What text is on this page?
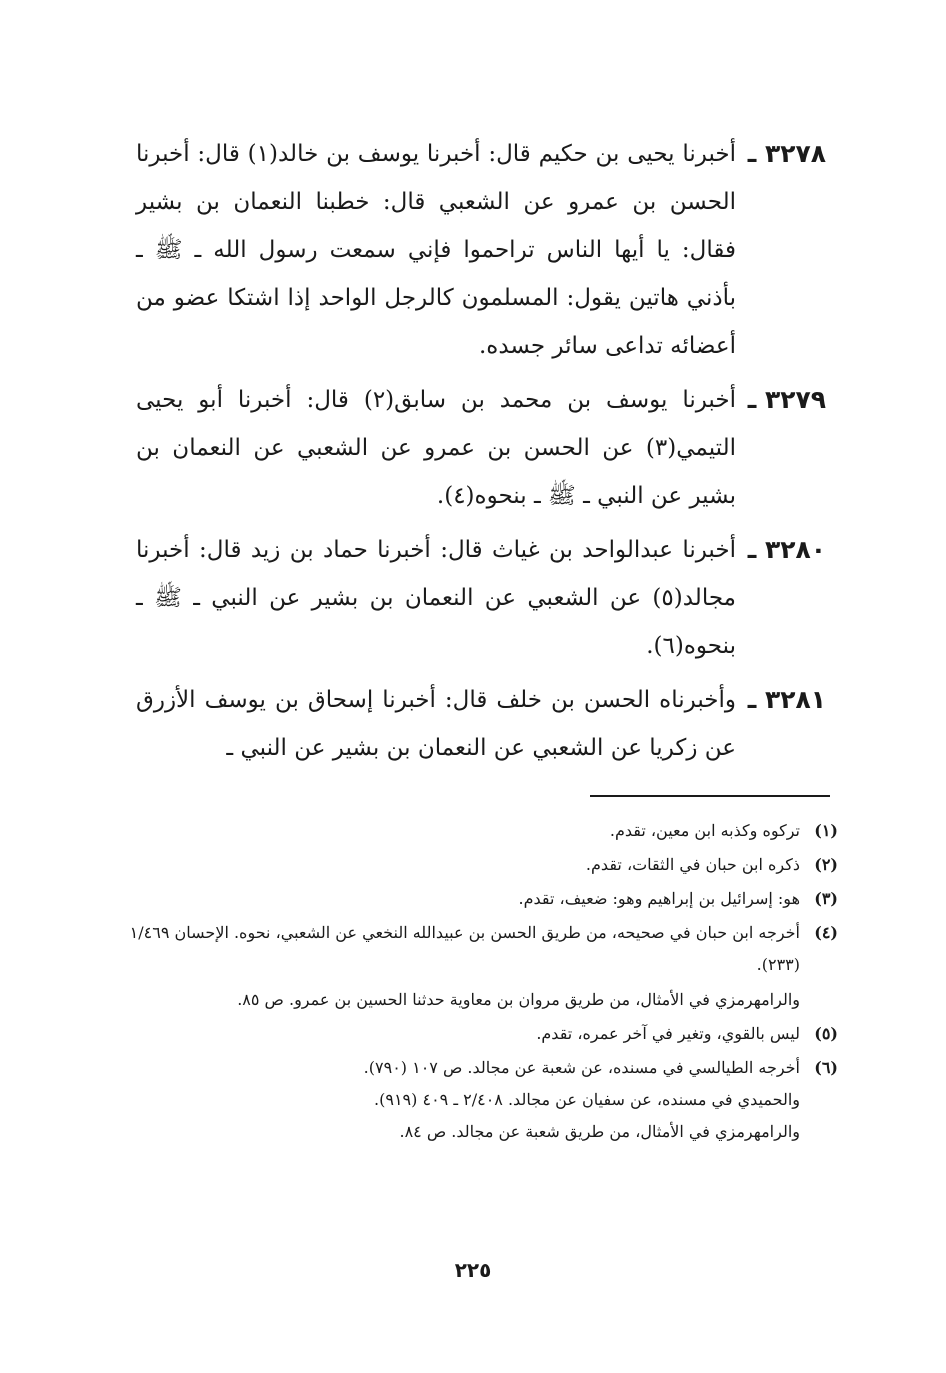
٣٢٧٨ ـ
أخبرنا يحيى بن حكيم قال: أخبرنا يوسف بن خالد(١) قال: أخبرنا الحسن بن عمرو عن الشعبي قال: خطبنا النعمان بن بشير فقال: يا أيها الناس تراحموا فإني سمعت رسول الله ـ ﷺ ـ بأذني هاتين يقول: المسلمون كالرجل الواحد إذا اشتكا عضو من أعضائه تداعى سائر جسده.
٣٢٧٩ ـ
أخبرنا يوسف بن محمد بن سابق(٢) قال: أخبرنا أبو يحيى التيمي(٣) عن الحسن بن عمرو عن الشعبي عن النعمان بن بشير عن النبي ـ ﷺ ـ بنحوه(٤).
٣٢٨٠ ـ
أخبرنا عبدالواحد بن غياث قال: أخبرنا حماد بن زيد قال: أخبرنا مجالد(٥) عن الشعبي عن النعمان بن بشير عن النبي ـ ﷺ ـ بنحوه(٦).
٣٢٨١ ـ
وأخبرناه الحسن بن خلف قال: أخبرنا إسحاق بن يوسف الأزرق عن زكريا عن الشعبي عن النعمان بن بشير عن النبي ـ
(١)
تركوه وكذبه ابن معين، تقدم.
(٢)
ذكره ابن حبان في الثقات، تقدم.
(٣)
هو: إسرائيل بن إبراهيم وهو: ضعيف، تقدم.
(٤)
أخرجه ابن حبان في صحيحه، من طريق الحسن بن عبيدالله النخعي عن الشعبي، نحوه. الإحسان ١/٤٦٩ (٢٣٣).
والرامهرمزي في الأمثال، من طريق مروان بن معاوية حدثنا الحسين بن عمرو. ص ٨٥.
(٥)
ليس بالقوي، وتغير في آخر عمره، تقدم.
(٦)
أخرجه الطيالسي في مسنده، عن شعبة عن مجالد. ص ١٠٧ (٧٩٠).
والحميدي في مسنده، عن سفيان عن مجالد. ٢/٤٠٨ ـ ٤٠٩ (٩١٩).
والرامهرمزي في الأمثال، من طريق شعبة عن مجالد. ص ٨٤.
٢٢٥
